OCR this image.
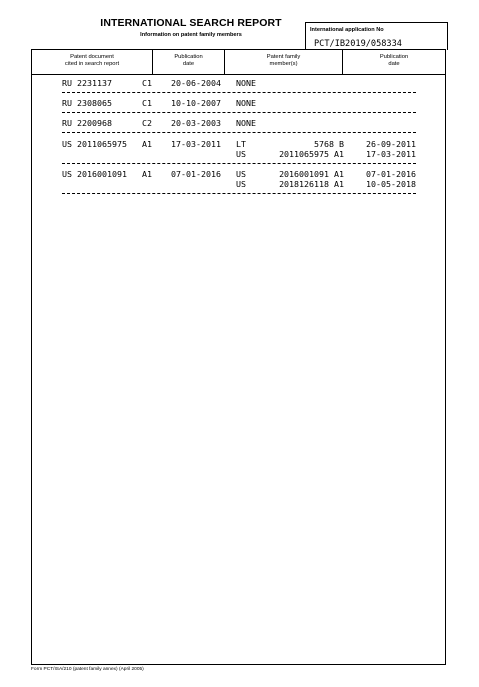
INTERNATIONAL SEARCH REPORT
Information on patent family members
International application No
PCT/IB2019/058334
Patent document
cited in search report
Publication
date
Patent family
member(s)
Publication
date
RU 2231137	C1 20-06-2004 NONE
RU 2308065	C1 10-10-2007 NONE
RU 2200968	C2 20-03-2003 NONE
US 2011065975 A1 17-03-2011 LT	5768 B	26-09-2011
US	2011065975 A1	17-03-2011
US 2016001091 A1 07-01-2016 US	2016001091 A1	07-01-2016
US	2018126118 A1	10-05-2018
Form PCT/ISA/210 (patent family annex) (April 2005)
